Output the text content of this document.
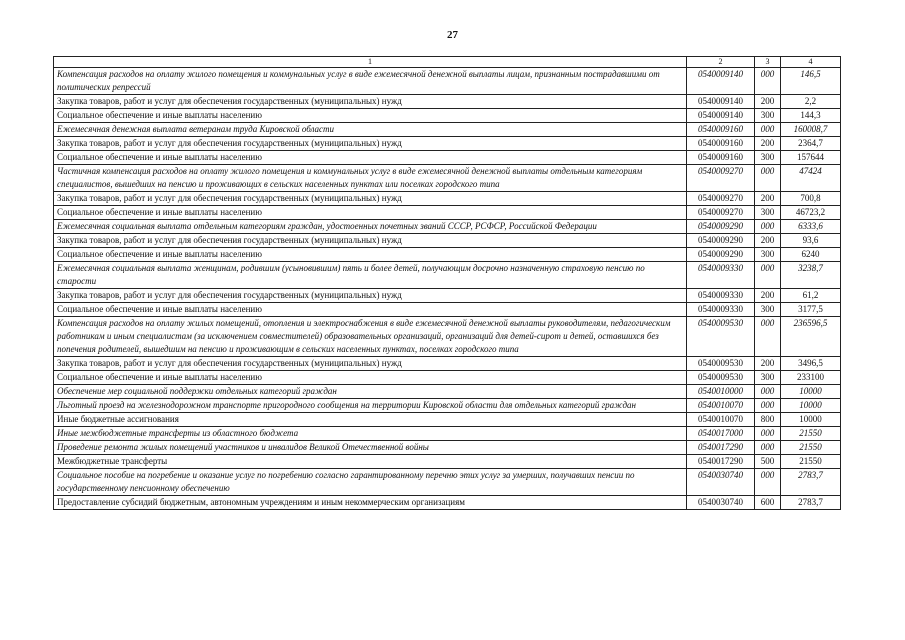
27
1	2	3	4
Компенсация расходов на оплату жилого помещения и коммунальных услуг в виде ежемесячной денежной выплаты лицам, признанным пострадавшими от политических репрессий	0540009140	000	146,5
Закупка товаров, работ и услуг для обеспечения государственных (муниципальных) нужд	0540009140	200	2,2
Социальное обеспечение и иные выплаты населению	0540009140	300	144,3
Ежемесячная денежная выплата ветеранам труда Кировской области	0540009160	000	160008,7
Закупка товаров, работ и услуг для обеспечения государственных (муниципальных) нужд	0540009160	200	2364,7
Социальное обеспечение и иные выплаты населению	0540009160	300	157644
Частичная компенсация расходов на оплату жилого помещения и коммунальных услуг в виде ежемесячной денежной выплаты отдельным категориям специалистов, вышедших на пенсию и проживающих в сельских населенных пунктах или поселках городского типа	0540009270	000	47424
Закупка товаров, работ и услуг для обеспечения государственных (муниципальных) нужд	0540009270	200	700,8
Социальное обеспечение и иные выплаты населению	0540009270	300	46723,2
Ежемесячная социальная выплата отдельным категориям граждан, удостоенных почетных званий СССР, РСФСР, Российской Федерации	0540009290	000	6333,6
Закупка товаров, работ и услуг для обеспечения государственных (муниципальных) нужд	0540009290	200	93,6
Социальное обеспечение и иные выплаты населению	0540009290	300	6240
Ежемесячная социальная выплата женщинам, родившим (усыновившим) пять и более детей, получающим досрочно назначенную страховую пенсию по старости	0540009330	000	3238,7
Закупка товаров, работ и услуг для обеспечения государственных (муниципальных) нужд	0540009330	200	61,2
Социальное обеспечение и иные выплаты населению	0540009330	300	3177,5
Компенсация расходов на оплату жилых помещений, отопления и электроснабжения в виде ежемесячной денежной выплаты руководителям, педагогическим работникам и иным специалистам (за исключением совместителей) образовательных организаций, организаций для детей-сирот и детей, оставшихся без попечения родителей, вышедшим на пенсию и проживающим в сельских населенных пунктах, поселках городского типа	0540009530	000	236596,5
Закупка товаров, работ и услуг для обеспечения государственных (муниципальных) нужд	0540009530	200	3496,5
Социальное обеспечение и иные выплаты населению	0540009530	300	233100
Обеспечение мер социальной поддержки отдельных категорий граждан	0540010000	000	10000
Льготный проезд на железнодорожном транспорте пригородного сообщения на территории Кировской области для отдельных категорий граждан	0540010070	000	10000
Иные бюджетные ассигнования	0540010070	800	10000
Иные межбюджетные трансферты из областного бюджета	0540017000	000	21550
Проведение ремонта жилых помещений участников и инвалидов Великой Отечественной войны	0540017290	000	21550
Межбюджетные трансферты	0540017290	500	21550
Социальное пособие на погребение и оказание услуг по погребению согласно гарантированному перечню этих услуг за умерших, получавших пенсии по государственному пенсионному обеспечению	0540030740	000	2783,7
Предоставление субсидий бюджетным, автономным учреждениям и иным некоммерческим организациям	0540030740	600	2783,7
